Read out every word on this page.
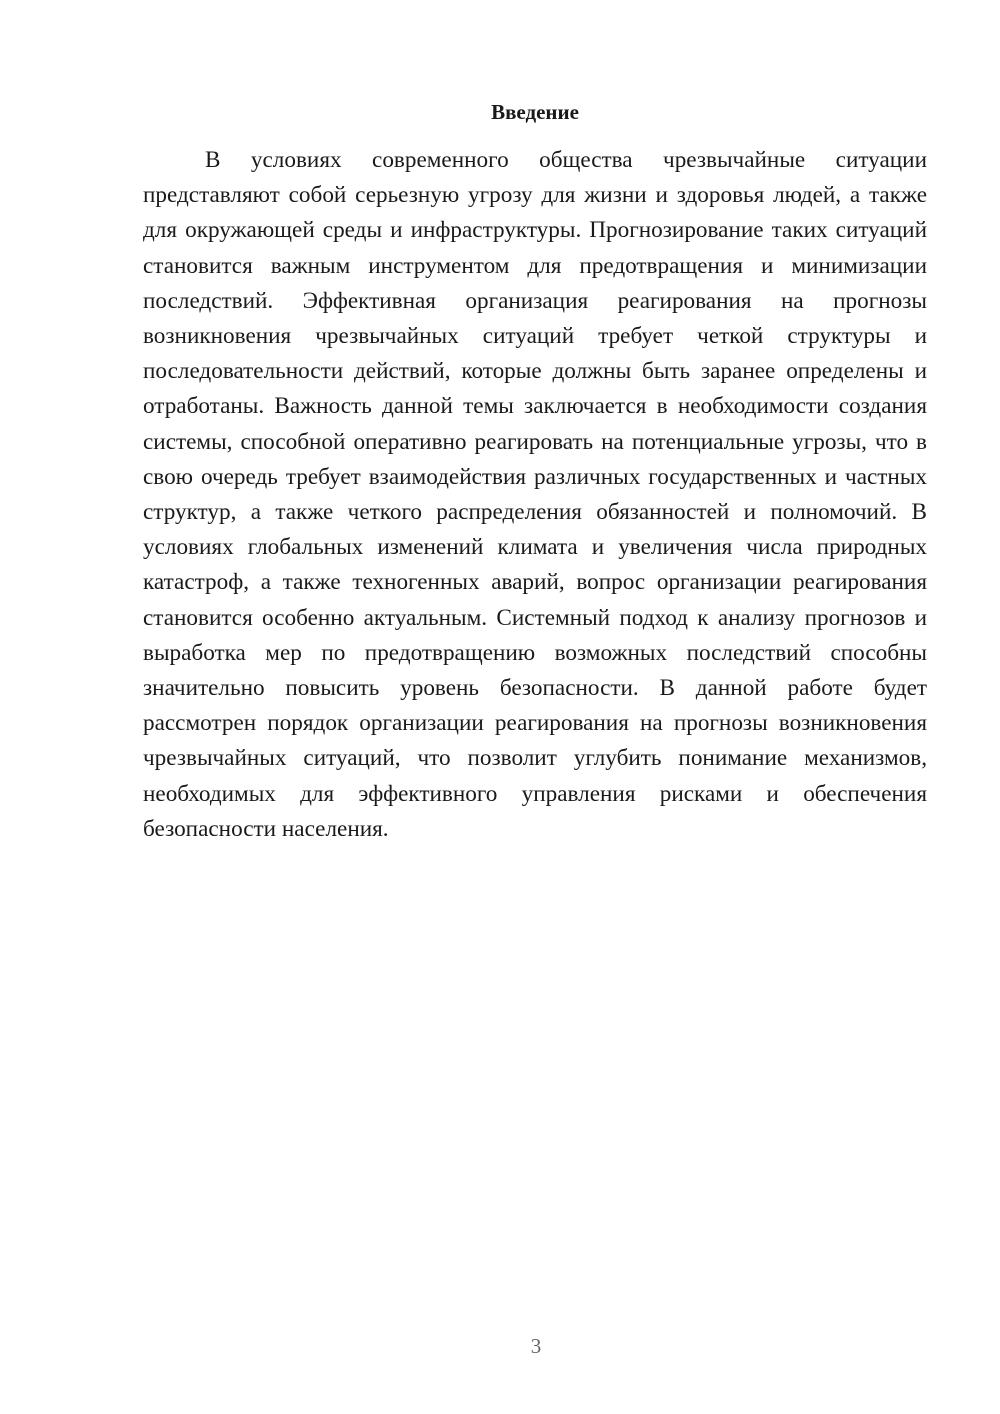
Введение

В условиях современного общества чрезвычайные ситуации представляют собой серьезную угрозу для жизни и здоровья людей, а также для окружающей среды и инфраструктуры. Прогнозирование таких ситуаций становится важным инструментом для предотвращения и минимизации последствий. Эффективная организация реагирования на прогнозы возникновения чрезвычайных ситуаций требует четкой структуры и последовательности действий, которые должны быть заранее определены и отработаны. Важность данной темы заключается в необходимости создания системы, способной оперативно реагировать на потенциальные угрозы, что в свою очередь требует взаимодействия различных государственных и частных структур, а также четкого распределения обязанностей и полномочий. В условиях глобальных изменений климата и увеличения числа природных катастроф, а также техногенных аварий, вопрос организации реагирования становится особенно актуальным. Системный подход к анализу прогнозов и выработка мер по предотвращению возможных последствий способны значительно повысить уровень безопасности. В данной работе будет рассмотрен порядок организации реагирования на прогнозы возникновения чрезвычайных ситуаций, что позволит углубить понимание механизмов, необходимых для эффективного управления рисками и обеспечения безопасности населения.

3
